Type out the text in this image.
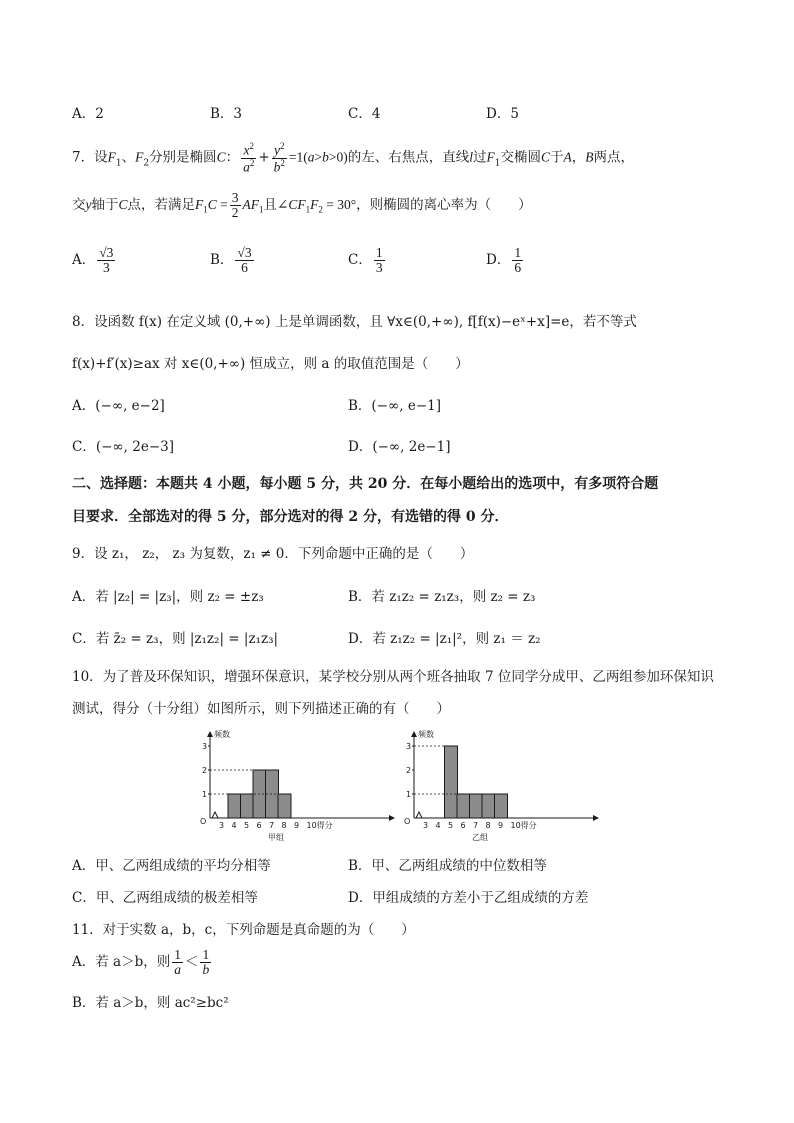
A．2	B．3	C．4	D．5
7．设$F_1$、$F_2$分别是椭圆C： $\frac{x^2}{a^2} + \frac{y^2}{b^2} =1(a>b>0)$的左、右焦点，直线l过$F_1$交椭圆C于A，B两点，
交y轴于C点，若满足$F_1C = \frac{3}{2} AF_1$且$\angle CF_1F_2 = 30^\circ$，则椭圆的离心率为（　　）
A． $\frac{√3}{3}$	B． $\frac{√3}{6}$	C． $\frac{1}{3}$	D． $\frac{1}{6}$
8．设函数 f(x) 在定义域 (0,+∞) 上是单调函数，且 ∀x∈(0,+∞), f[f(x)−eˣ+x]=e，若不等式
f(x)+f′(x)≥ax 对 x∈(0,+∞) 恒成立，则 a 的取值范围是（　　）
A．(−∞, e−2]	B．(−∞, e−1]
C．(−∞, 2e−3]	D．(−∞, 2e−1]
二、选择题：本题共 4 小题，每小题 5 分，共 20 分．在每小题给出的选项中，有多项符合题
目要求．全部选对的得 5 分，部分选对的得 2 分，有选错的得 0 分．
9．设 z₁， z₂， z₃ 为复数，z₁ ≠ 0．下列命题中正确的是（　　）
A．若 |z₂| = |z₃|，则 z₂ = ±z₃	B．若 z₁z₂ = z₁z₃，则 z₂ = z₃
C．若 z̄₂ = z₃，则 |z₁z₂| = |z₁z₃|	D．若 z₁z₂ = |z₁|²，则 z₁ ＝ z₂
10．为了普及环保知识，增强环保意识，某学校分别从两个班各抽取 7 位同学分成甲、乙两组参加环保知识
测试，得分（十分组）如图所示，则下列描述正确的有（　　）
O
频数
1
2
3
3 4 5 6 7 8 9 10得分
甲组
O
频数
1
2
3
3 4 5 6 7 8 9 10得分
乙组
A．甲、乙两组成绩的平均分相等	B．甲、乙两组成绩的中位数相等
C．甲、乙两组成绩的极差相等	D．甲组成绩的方差小于乙组成绩的方差
11．对于实数 a，b，c，下列命题是真命题的为（　　）
A．若 a＞b，则 $\frac{1}{a} < \frac{1}{b}$
B．若 a＞b，则 ac²≥bc²
